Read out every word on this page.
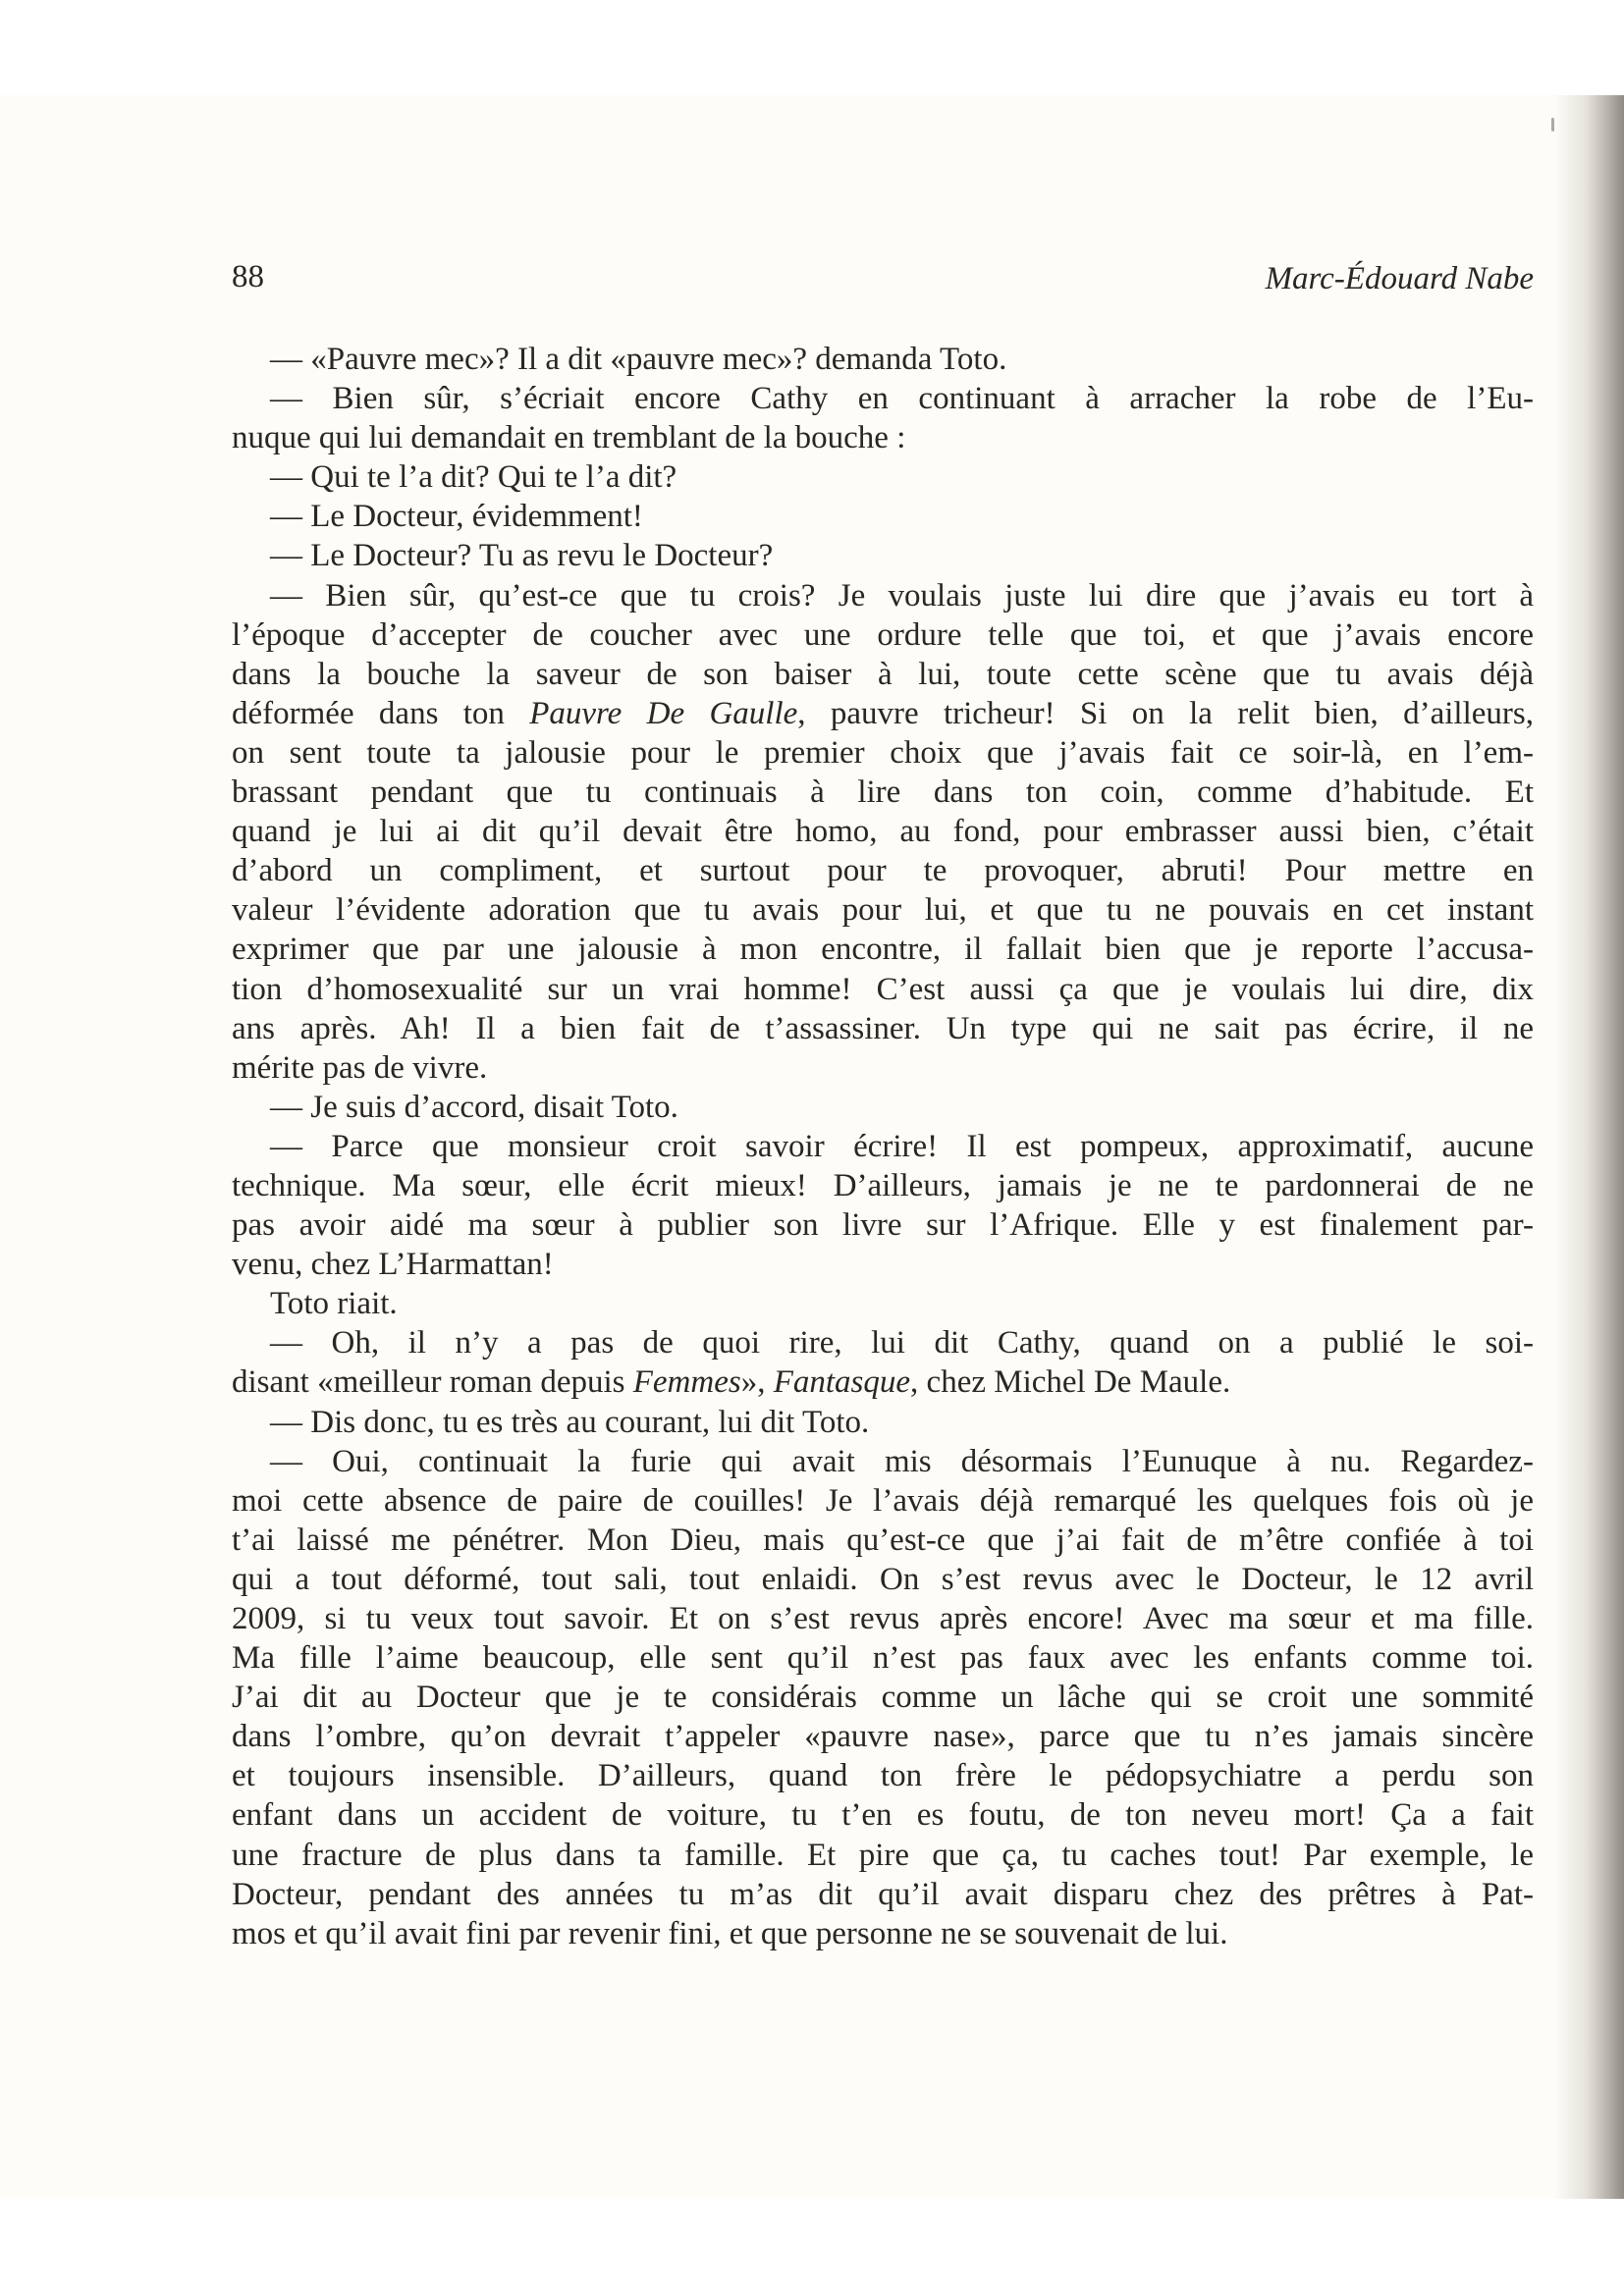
88	Marc-Édouard Nabe
— «Pauvre mec»? Il a dit «pauvre mec»? demanda Toto.
— Bien sûr, s’écriait encore Cathy en continuant à arracher la robe de l’Eu-
nuque qui lui demandait en tremblant de la bouche :
— Qui te l’a dit? Qui te l’a dit?
— Le Docteur, évidemment!
— Le Docteur? Tu as revu le Docteur?
— Bien sûr, qu’est-ce que tu crois? Je voulais juste lui dire que j’avais eu tort à
l’époque d’accepter de coucher avec une ordure telle que toi, et que j’avais encore
dans la bouche la saveur de son baiser à lui, toute cette scène que tu avais déjà
déformée dans ton Pauvre De Gaulle, pauvre tricheur! Si on la relit bien, d’ailleurs,
on sent toute ta jalousie pour le premier choix que j’avais fait ce soir-là, en l’em-
brassant pendant que tu continuais à lire dans ton coin, comme d’habitude. Et
quand je lui ai dit qu’il devait être homo, au fond, pour embrasser aussi bien, c’était
d’abord un compliment, et surtout pour te provoquer, abruti! Pour mettre en
valeur l’évidente adoration que tu avais pour lui, et que tu ne pouvais en cet instant
exprimer que par une jalousie à mon encontre, il fallait bien que je reporte l’accusa-
tion d’homosexualité sur un vrai homme! C’est aussi ça que je voulais lui dire, dix
ans après. Ah! Il a bien fait de t’assassiner. Un type qui ne sait pas écrire, il ne
mérite pas de vivre.
— Je suis d’accord, disait Toto.
— Parce que monsieur croit savoir écrire! Il est pompeux, approximatif, aucune
technique. Ma sœur, elle écrit mieux! D’ailleurs, jamais je ne te pardonnerai de ne
pas avoir aidé ma sœur à publier son livre sur l’Afrique. Elle y est finalement par-
venu, chez L’Harmattan!
Toto riait.
— Oh, il n’y a pas de quoi rire, lui dit Cathy, quand on a publié le soi-
disant «meilleur roman depuis Femmes», Fantasque, chez Michel De Maule.
— Dis donc, tu es très au courant, lui dit Toto.
— Oui, continuait la furie qui avait mis désormais l’Eunuque à nu. Regardez-
moi cette absence de paire de couilles! Je l’avais déjà remarqué les quelques fois où je
t’ai laissé me pénétrer. Mon Dieu, mais qu’est-ce que j’ai fait de m’être confiée à toi
qui a tout déformé, tout sali, tout enlaidi. On s’est revus avec le Docteur, le 12 avril
2009, si tu veux tout savoir. Et on s’est revus après encore! Avec ma sœur et ma fille.
Ma fille l’aime beaucoup, elle sent qu’il n’est pas faux avec les enfants comme toi.
J’ai dit au Docteur que je te considérais comme un lâche qui se croit une sommité
dans l’ombre, qu’on devrait t’appeler «pauvre nase», parce que tu n’es jamais sincère
et toujours insensible. D’ailleurs, quand ton frère le pédopsychiatre a perdu son
enfant dans un accident de voiture, tu t’en es foutu, de ton neveu mort! Ça a fait
une fracture de plus dans ta famille. Et pire que ça, tu caches tout! Par exemple, le
Docteur, pendant des années tu m’as dit qu’il avait disparu chez des prêtres à Pat-
mos et qu’il avait fini par revenir fini, et que personne ne se souvenait de lui.
